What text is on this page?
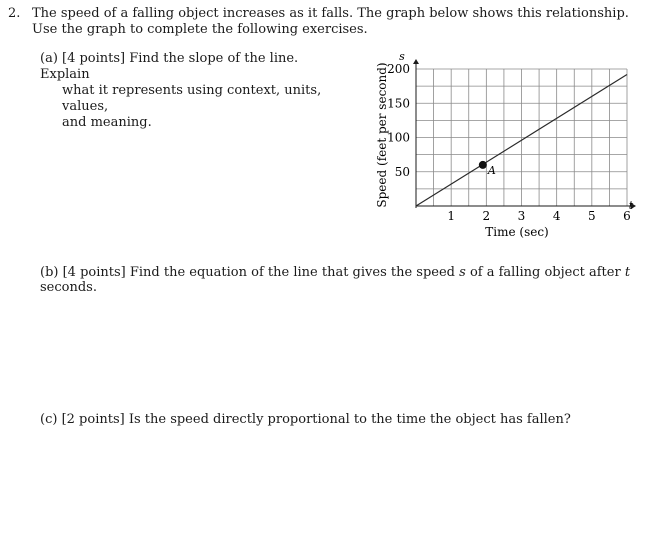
2. The speed of a falling object increases as it falls. The graph below shows this relationship. Use the graph to complete the following exercises.
(a) [4 points] Find the slope of the line. Explain
what it represents using context, units, values,
and meaning.
1 2 3 4 5 6
50
100
150
200
A
Time (sec)
Speed (feet per second)
s
t
(b) [4 points] Find the equation of the line that gives the speed s of a falling object after t seconds.
(c) [2 points] Is the speed directly proportional to the time the object has fallen?
